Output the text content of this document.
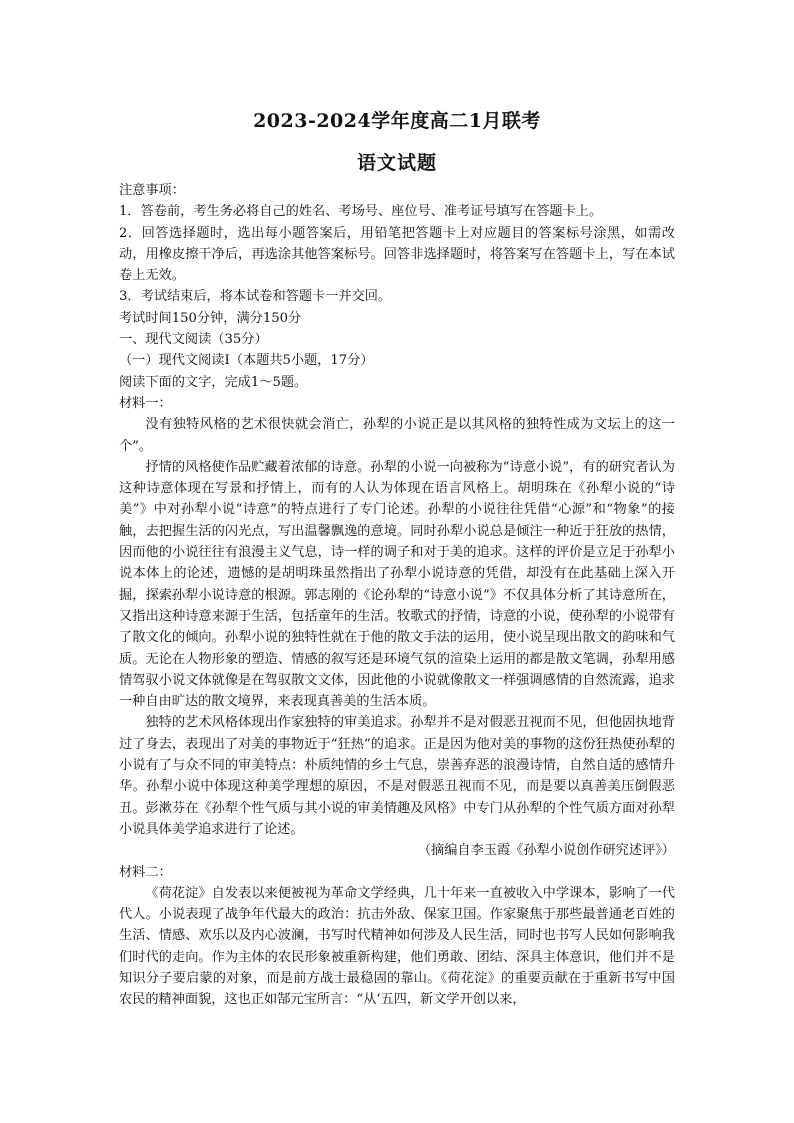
2023-2024学年度高二1月联考
语文试题

注意事项：

1．答卷前，考生务必将自己的姓名、考场号、座位号、准考证号填写在答题卡上。

2．回答选择题时，选出每小题答案后，用铅笔把答题卡上对应题目的答案标号涂黑，如需改动，用橡皮擦干净后，再选涂其他答案标号。回答非选择题时，将答案写在答题卡上，写在本试卷上无效。

3．考试结束后，将本试卷和答题卡一并交回。

考试时间150分钟，满分150分

一、现代文阅读（35分）

（一）现代文阅读Ⅰ（本题共5小题，17分）

阅读下面的文字，完成1～5题。

材料一：

没有独特风格的艺术很快就会消亡，孙犁的小说正是以其风格的独特性成为文坛上的这一个”。

抒情的风格使作品贮藏着浓郁的诗意。孙犁的小说一向被称为“诗意小说”，有的研究者认为这种诗意体现在写景和抒情上，而有的人认为体现在语言风格上。胡明珠在《孙犁小说的“诗美”》中对孙犁小说“诗意”的特点进行了专门论述。孙犁的小说往往凭借“心源”和“物象”的接触，去把握生活的闪光点，写出温馨飘逸的意境。同时孙犁小说总是倾注一种近于狂放的热情，因而他的小说往往有浪漫主义气息，诗一样的调子和对于美的追求。这样的评价是立足于孙犁小说本体上的论述，遗憾的是胡明珠虽然指出了孙犁小说诗意的凭借，却没有在此基础上深入开掘，探索孙犁小说诗意的根源。郭志刚的《论孙犁的“诗意小说”》不仅具体分析了其诗意所在，又指出这种诗意来源于生活，包括童年的生活。牧歌式的抒情，诗意的小说，使孙犁的小说带有了散文化的倾向。孙犁小说的独特性就在于他的散文手法的运用，使小说呈现出散文的韵味和气质。无论在人物形象的塑造、情感的叙写还是环境气氛的渲染上运用的都是散文笔调，孙犁用感情驾驭小说文体就像是在驾驭散文文体，因此他的小说就像散文一样强调感情的自然流露，追求一种自由旷达的散文境界，来表现真善美的生活本质。

独特的艺术风格体现出作家独特的审美追求。孙犁并不是对假恶丑视而不见，但他固执地背过了身去，表现出了对美的事物近于“狂热”的追求。正是因为他对美的事物的这份狂热使孙犁的小说有了与众不同的审美特点：朴质纯情的乡土气息，崇善弃恶的浪漫诗情，自然自适的感情升华。孙犁小说中体现这种美学理想的原因，不是对假恶丑视而不见，而是要以真善美压倒假恶丑。彭漱芬在《孙犁个性气质与其小说的审美情趣及风格》中专门从孙犁的个性气质方面对孙犁小说具体美学追求进行了论述。

（摘编自李玉霞《孙犁小说创作研究述评》）

材料二：

《荷花淀》自发表以来便被视为革命文学经典，几十年来一直被收入中学课本，影响了一代代人。小说表现了战争年代最大的政治：抗击外敌、保家卫国。作家聚焦于那些最普通老百姓的生活、情感、欢乐以及内心波澜，书写时代精神如何涉及人民生活，同时也书写人民如何影响我们时代的走向。作为主体的农民形象被重新构建，他们勇敢、团结、深具主体意识，他们并不是知识分子要启蒙的对象，而是前方战士最稳固的靠山。《荷花淀》的重要贡献在于重新书写中国农民的精神面貌，这也正如郜元宝所言：“从‘五四，新文学开创以来，
